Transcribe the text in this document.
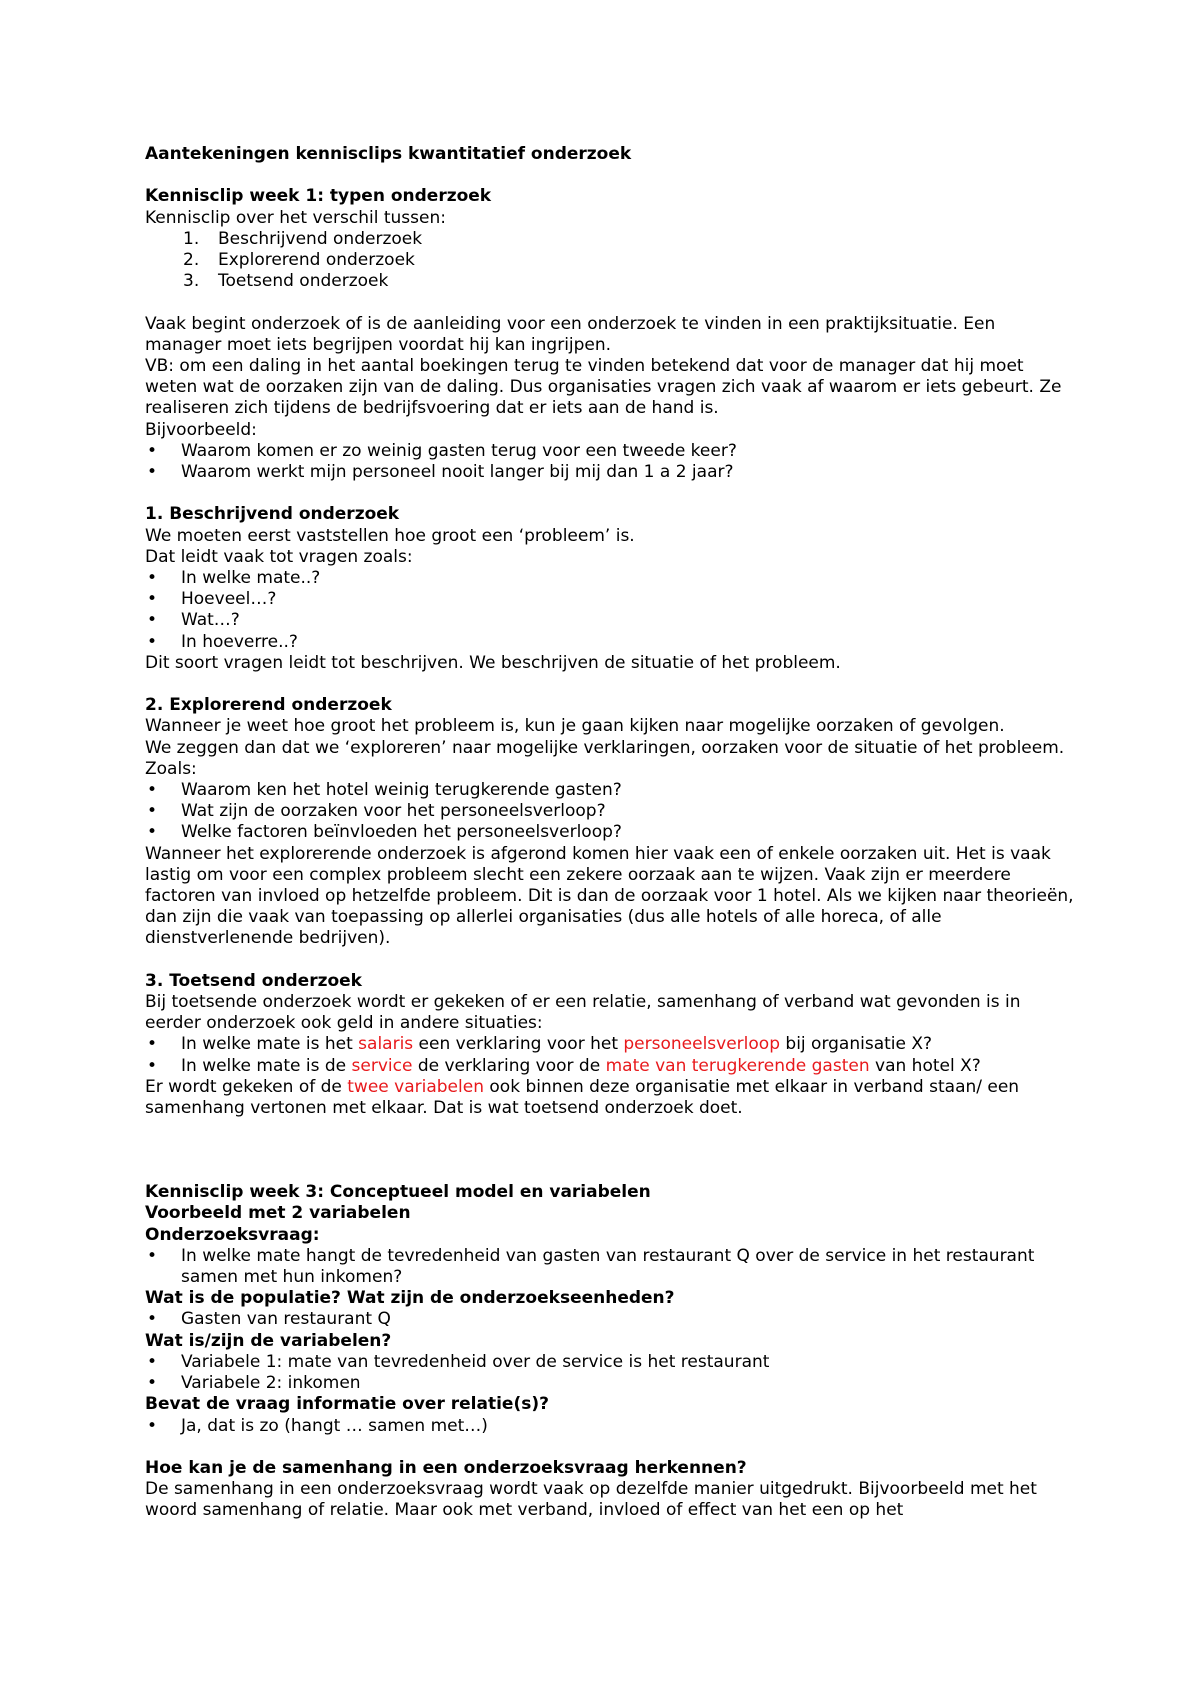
Aantekeningen kennisclips kwantitatief onderzoek

Kennisclip week 1: typen onderzoek

Kennisclip over het verschil tussen:

1. Beschrijvend onderzoek
2. Explorerend onderzoek
3. Toetsend onderzoek

Vaak begint onderzoek of is de aanleiding voor een onderzoek te vinden in een praktijksituatie. Een manager moet iets begrijpen voordat hij kan ingrijpen.

VB: om een daling in het aantal boekingen terug te vinden betekend dat voor de manager dat hij moet weten wat de oorzaken zijn van de daling. Dus organisaties vragen zich vaak af waarom er iets gebeurt. Ze realiseren zich tijdens de bedrijfsvoering dat er iets aan de hand is.

Bijvoorbeeld:

• Waarom komen er zo weinig gasten terug voor een tweede keer?
• Waarom werkt mijn personeel nooit langer bij mij dan 1 a 2 jaar?

1. Beschrijvend onderzoek

We moeten eerst vaststellen hoe groot een ‘probleem’ is.

Dat leidt vaak tot vragen zoals:

• In welke mate..?
• Hoeveel…?
• Wat…?
• In hoeverre..?

Dit soort vragen leidt tot beschrijven. We beschrijven de situatie of het probleem.

2. Explorerend onderzoek

Wanneer je weet hoe groot het probleem is, kun je gaan kijken naar mogelijke oorzaken of gevolgen.

We zeggen dan dat we ‘exploreren’ naar mogelijke verklaringen, oorzaken voor de situatie of het probleem.

Zoals:

• Waarom ken het hotel weinig terugkerende gasten?
• Wat zijn de oorzaken voor het personeelsverloop?
• Welke factoren beïnvloeden het personeelsverloop?

Wanneer het explorerende onderzoek is afgerond komen hier vaak een of enkele oorzaken uit. Het is vaak lastig om voor een complex probleem slecht een zekere oorzaak aan te wijzen. Vaak zijn er meerdere factoren van invloed op hetzelfde probleem. Dit is dan de oorzaak voor 1 hotel. Als we kijken naar theorieën, dan zijn die vaak van toepassing op allerlei organisaties (dus alle hotels of alle horeca, of alle dienstverlenende bedrijven).

3. Toetsend onderzoek

Bij toetsende onderzoek wordt er gekeken of er een relatie, samenhang of verband wat gevonden is in eerder onderzoek ook geld in andere situaties:

• In welke mate is het salaris een verklaring voor het personeelsverloop bij organisatie X?
• In welke mate is de service de verklaring voor de mate van terugkerende gasten van hotel X?

Er wordt gekeken of de twee variabelen ook binnen deze organisatie met elkaar in verband staan/ een samenhang vertonen met elkaar. Dat is wat toetsend onderzoek doet.

Kennisclip week 3: Conceptueel model en variabelen

Voorbeeld met 2 variabelen

Onderzoeksvraag:

• In welke mate hangt de tevredenheid van gasten van restaurant Q over de service in het restaurant samen met hun inkomen?

Wat is de populatie? Wat zijn de onderzoekseenheden?

• Gasten van restaurant Q

Wat is/zijn de variabelen?

• Variabele 1: mate van tevredenheid over de service is het restaurant
• Variabele 2: inkomen

Bevat de vraag informatie over relatie(s)?

• Ja, dat is zo (hangt … samen met…)

Hoe kan je de samenhang in een onderzoeksvraag herkennen?

De samenhang in een onderzoeksvraag wordt vaak op dezelfde manier uitgedrukt. Bijvoorbeeld met het woord samenhang of relatie. Maar ook met verband, invloed of effect van het een op het
